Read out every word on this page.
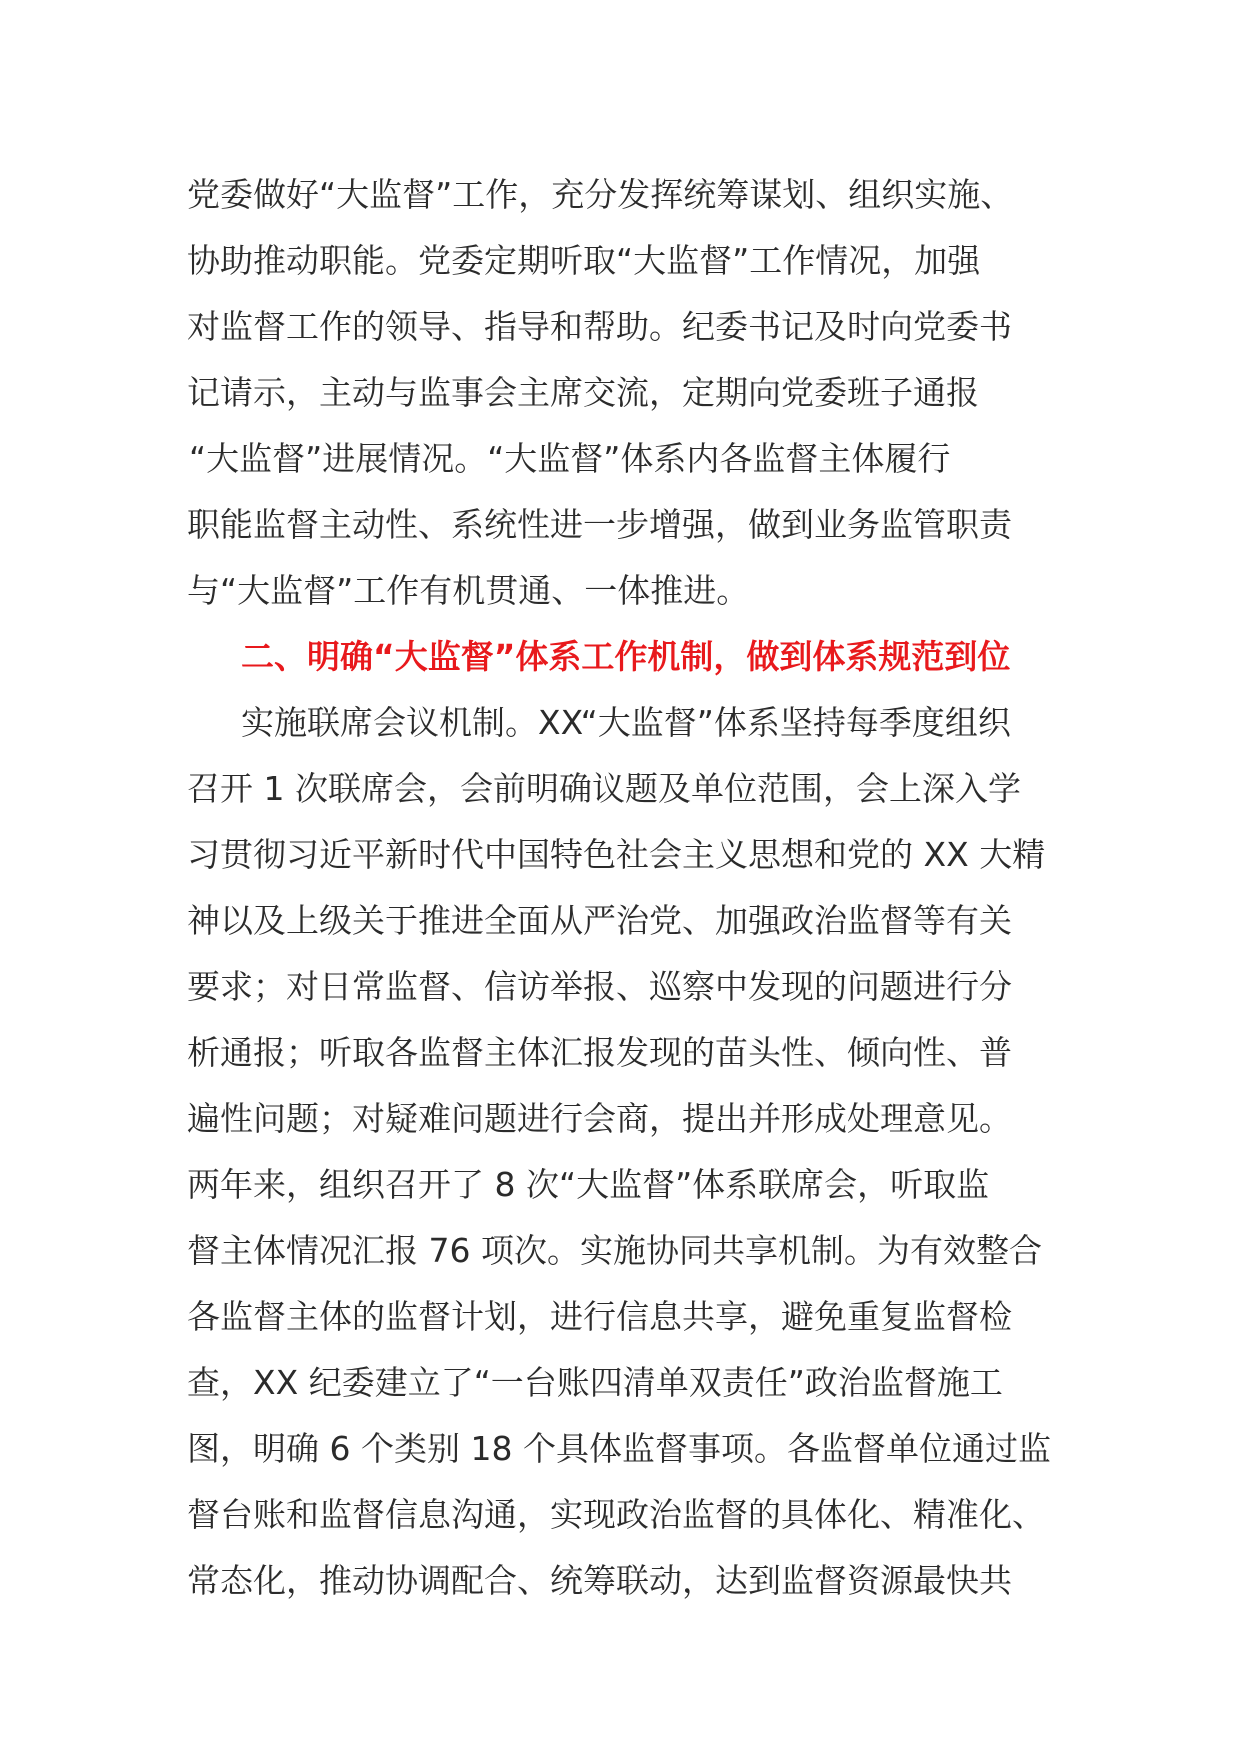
党委做好“大监督”工作，充分发挥统筹谋划、组织实施、
协助推动职能。党委定期听取“大监督”工作情况，加强
对监督工作的领导、指导和帮助。纪委书记及时向党委书
记请示，主动与监事会主席交流，定期向党委班子通报
“大监督”进展情况。“大监督”体系内各监督主体履行
职能监督主动性、系统性进一步增强，做到业务监管职责
与“大监督”工作有机贯通、一体推进。
二、明确“大监督”体系工作机制，做到体系规范到位
实施联席会议机制。XX“大监督”体系坚持每季度组织
召开 1 次联席会，会前明确议题及单位范围，会上深入学
习贯彻习近平新时代中国特色社会主义思想和党的 XX 大精
神以及上级关于推进全面从严治党、加强政治监督等有关
要求；对日常监督、信访举报、巡察中发现的问题进行分
析通报；听取各监督主体汇报发现的苗头性、倾向性、普
遍性问题；对疑难问题进行会商，提出并形成处理意见。
两年来，组织召开了 8 次“大监督”体系联席会，听取监
督主体情况汇报 76 项次。实施协同共享机制。为有效整合
各监督主体的监督计划，进行信息共享，避免重复监督检
查，XX 纪委建立了“一台账四清单双责任”政治监督施工
图，明确 6 个类别 18 个具体监督事项。各监督单位通过监
督台账和监督信息沟通，实现政治监督的具体化、精准化、
常态化，推动协调配合、统筹联动，达到监督资源最快共
